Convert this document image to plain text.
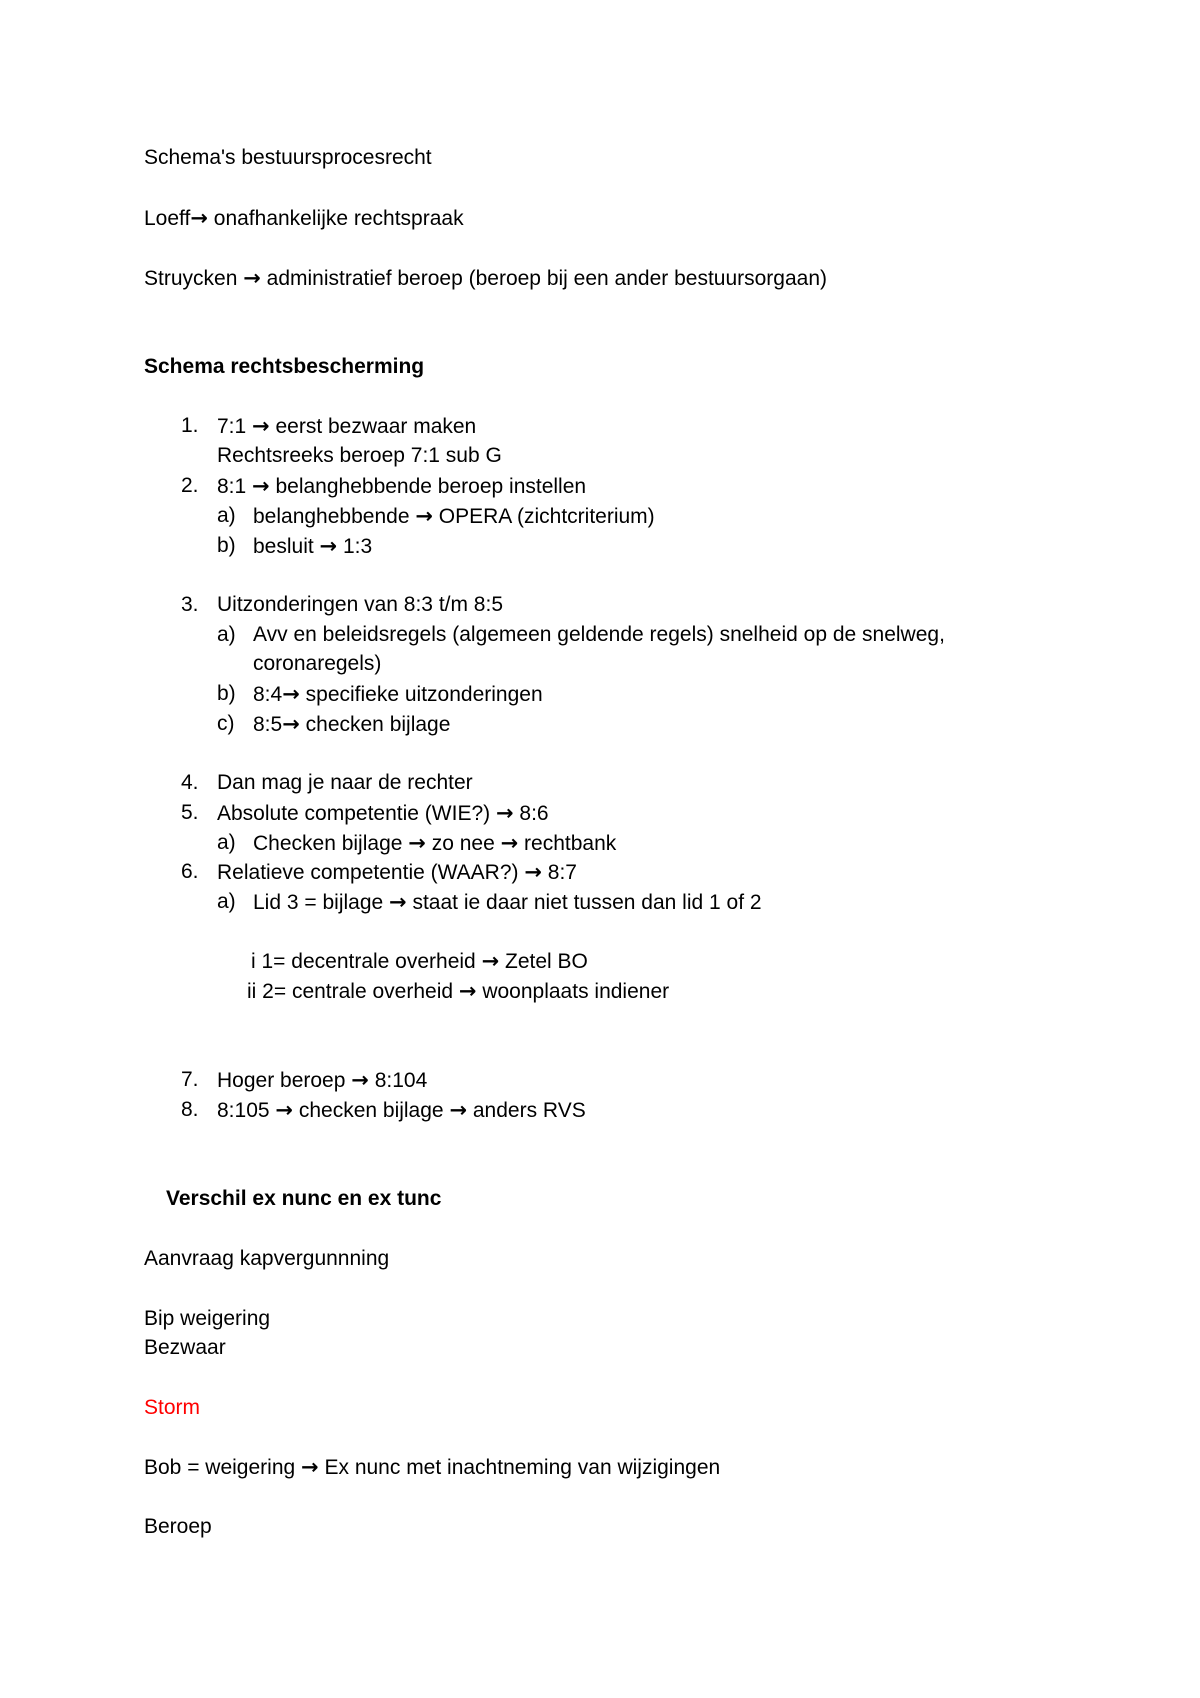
Schema's bestuursprocesrecht
Loeff→ onafhankelijke rechtspraak
Struycken → administratief beroep (beroep bij een ander bestuursorgaan)
Schema rechtsbescherming
1. 7:1 → eerst bezwaar maken
Rechtsreeks beroep 7:1 sub G
2. 8:1 → belanghebbende beroep instellen
a) belanghebbende → OPERA (zichtcriterium)
b) besluit → 1:3
3. Uitzonderingen van 8:3 t/m 8:5
a) Avv en beleidsregels (algemeen geldende regels) snelheid op de snelweg,
coronaregels)
b) 8:4→ specifieke uitzonderingen
c) 8:5→ checken bijlage
4. Dan mag je naar de rechter
5. Absolute competentie (WIE?) → 8:6
a) Checken bijlage → zo nee → rechtbank
6. Relatieve competentie (WAAR?) → 8:7
a) Lid 3 = bijlage → staat ie daar niet tussen dan lid 1 of 2
i 1= decentrale overheid → Zetel BO
ii 2= centrale overheid → woonplaats indiener
7. Hoger beroep → 8:104
8. 8:105 → checken bijlage → anders RVS
Verschil ex nunc en ex tunc
Aanvraag kapvergunnning
Bip weigering
Bezwaar
Storm
Bob = weigering → Ex nunc met inachtneming van wijzigingen
Beroep
